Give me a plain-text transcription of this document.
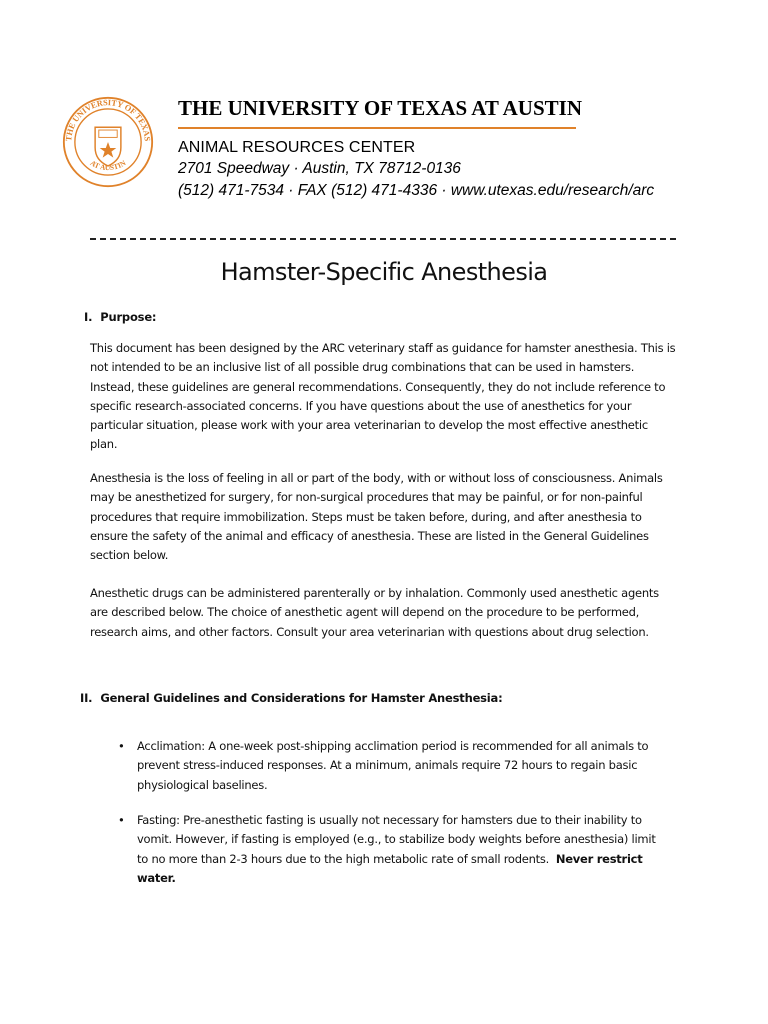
THE UNIVERSITY OF TEXAS
AT AUSTIN
THE UNIVERSITY OF TEXAS AT AUSTIN
ANIMAL RESOURCES CENTER
2701 Speedway · Austin, TX 78712-0136
(512) 471-7534 · FAX (512) 471-4336 · www.utexas.edu/research/arc
Hamster-Specific Anesthesia
I. Purpose:
This document has been designed by the ARC veterinary staff as guidance for hamster anesthesia. This is
not intended to be an inclusive list of all possible drug combinations that can be used in hamsters.
Instead, these guidelines are general recommendations. Consequently, they do not include reference to
specific research-associated concerns. If you have questions about the use of anesthetics for your
particular situation, please work with your area veterinarian to develop the most effective anesthetic
plan.
Anesthesia is the loss of feeling in all or part of the body, with or without loss of consciousness. Animals
may be anesthetized for surgery, for non-surgical procedures that may be painful, or for non-painful
procedures that require immobilization. Steps must be taken before, during, and after anesthesia to
ensure the safety of the animal and efficacy of anesthesia. These are listed in the General Guidelines
section below.
Anesthetic drugs can be administered parenterally or by inhalation. Commonly used anesthetic agents
are described below. The choice of anesthetic agent will depend on the procedure to be performed,
research aims, and other factors. Consult your area veterinarian with questions about drug selection.
II. General Guidelines and Considerations for Hamster Anesthesia:
• Acclimation: A one-week post-shipping acclimation period is recommended for all animals to
prevent stress-induced responses. At a minimum, animals require 72 hours to regain basic
physiological baselines.
• Fasting: Pre-anesthetic fasting is usually not necessary for hamsters due to their inability to
vomit. However, if fasting is employed (e.g., to stabilize body weights before anesthesia) limit
to no more than 2-3 hours due to the high metabolic rate of small rodents. Never restrict
water.
